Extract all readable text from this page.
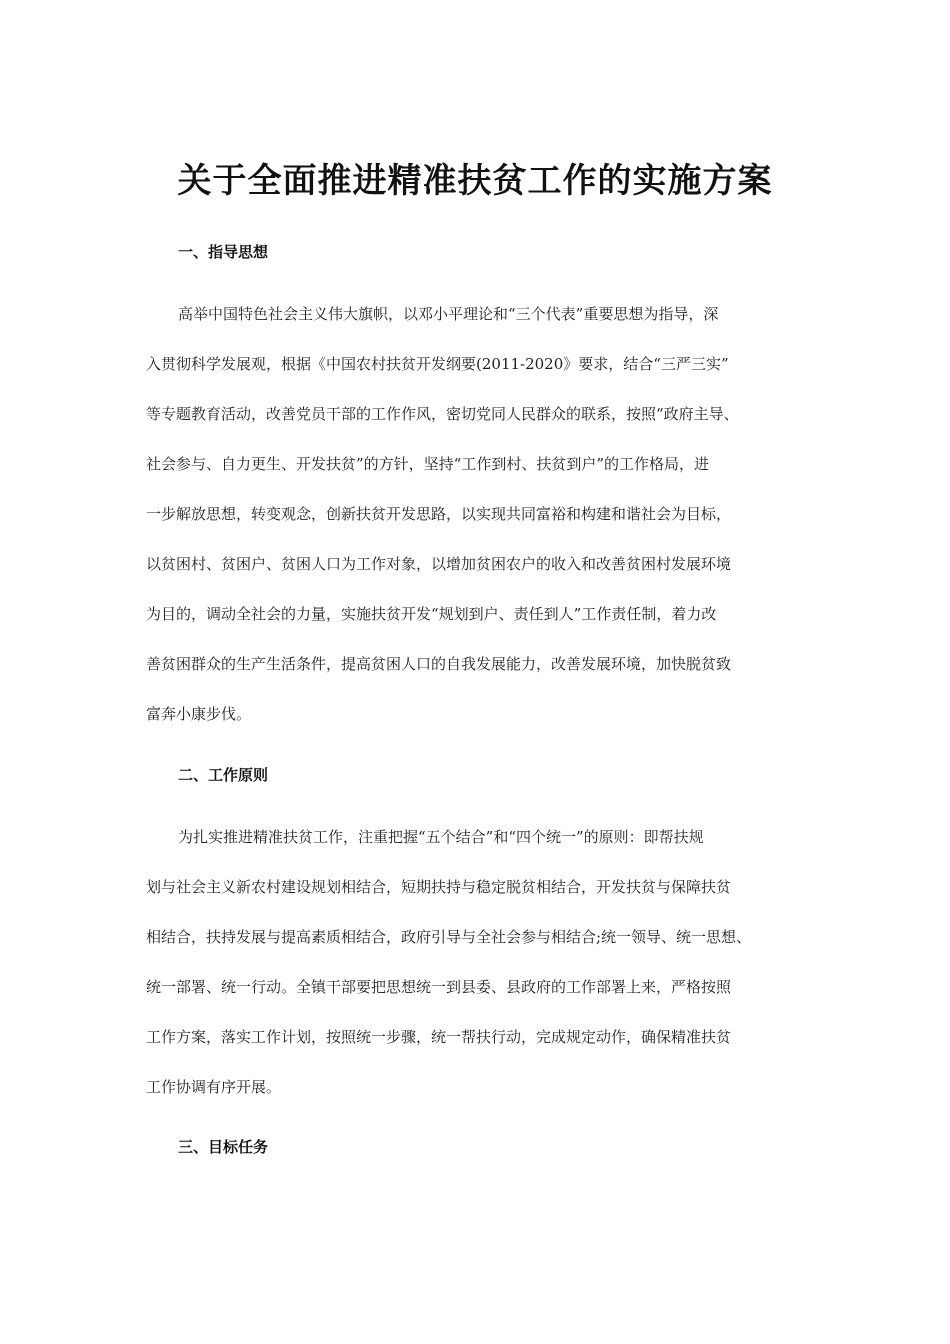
关于全面推进精准扶贫工作的实施方案
一、指导思想
高举中国特色社会主义伟大旗帜，以邓小平理论和“三个代表”重要思想为指导，深
入贯彻科学发展观，根据《中国农村扶贫开发纲要(2011-2020》要求，结合“三严三实”
等专题教育活动，改善党员干部的工作作风，密切党同人民群众的联系，按照“政府主导、
社会参与、自力更生、开发扶贫”的方针，坚持“工作到村、扶贫到户”的工作格局，进
一步解放思想，转变观念，创新扶贫开发思路，以实现共同富裕和构建和谐社会为目标，
以贫困村、贫困户、贫困人口为工作对象，以增加贫困农户的收入和改善贫困村发展环境
为目的，调动全社会的力量，实施扶贫开发“规划到户、责任到人”工作责任制，着力改
善贫困群众的生产生活条件，提高贫困人口的自我发展能力，改善发展环境，加快脱贫致
富奔小康步伐。
二、工作原则
为扎实推进精准扶贫工作，注重把握“五个结合”和“四个统一”的原则：即帮扶规
划与社会主义新农村建设规划相结合，短期扶持与稳定脱贫相结合，开发扶贫与保障扶贫
相结合，扶持发展与提高素质相结合，政府引导与全社会参与相结合;统一领导、统一思想、
统一部署、统一行动。全镇干部要把思想统一到县委、县政府的工作部署上来，严格按照
工作方案，落实工作计划，按照统一步骤，统一帮扶行动，完成规定动作，确保精准扶贫
工作协调有序开展。
三、目标任务
